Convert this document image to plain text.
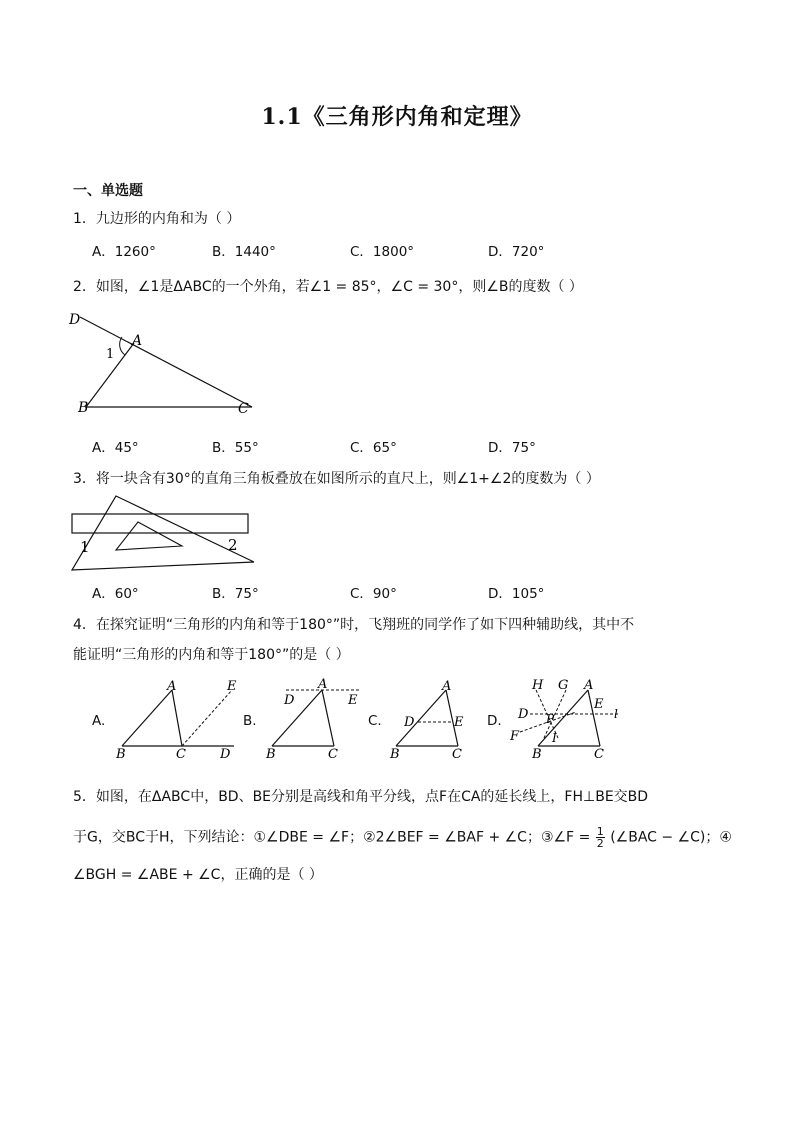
1.1《三角形内角和定理》
一、单选题
1．九边形的内角和为（ ）
A．1260°	B．1440°	C．1800°	D．720°
2．如图，∠1是ΔABC的一个外角，若∠1 = 85°，∠C = 30°，则∠B的度数（ ）
D
A
1
B	C
A．45°	B．55°	C．65°	D．75°
3．将一块含有30°的直角三角板叠放在如图所示的直尺上，则∠1+∠2的度数为（ ）
1	2
A．60°	B．75°	C．90°	D．105°
4．在探究证明“三角形的内角和等于180°”时，飞翔班的同学作了如下四种辅助线，其中不
能证明“三角形的内角和等于180°”的是（ ）
A.
A	E
B	C	D
B.
A
D	E
B	C
C.
A
D	E
B	C
D.
H G A
D
E
l
P
F	I
B	C
5．如图，在ΔABC中，BD、BE分别是高线和角平分线，点F在CA的延长线上，FH⊥BE交BD
于G，交BC于H，下列结论：①∠DBE = ∠F；②2∠BEF = ∠BAF + ∠C；③∠F = $\frac{1}{2}$ (∠BAC − ∠C)；④
∠BGH = ∠ABE + ∠C，正确的是（ ）
